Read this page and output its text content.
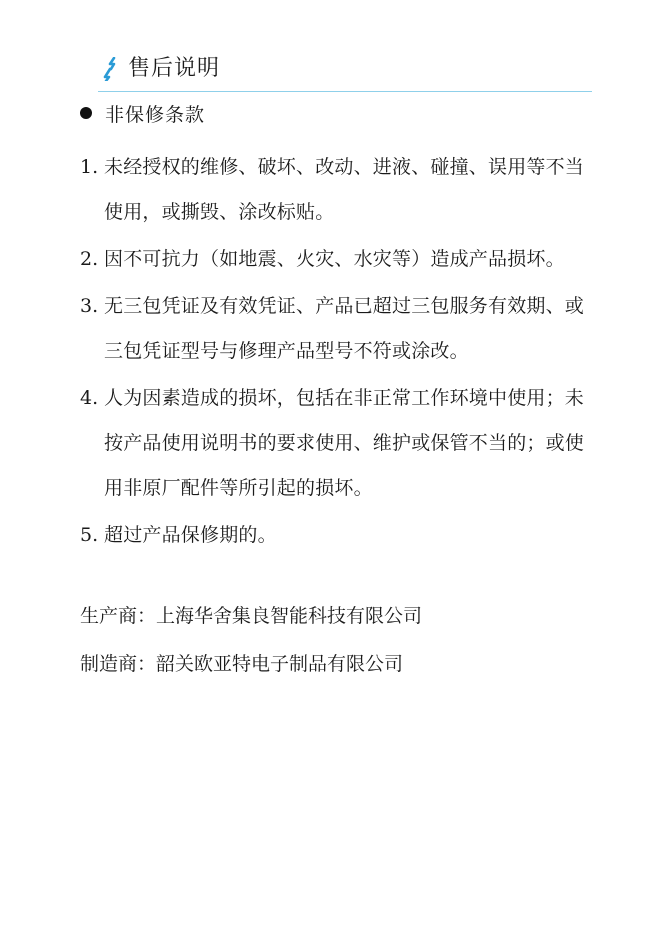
售后说明
非保修条款
1. 未经授权的维修、破坏、改动、进液、碰撞、误用等不当使用，或撕毁、涂改标贴。
2. 因不可抗力（如地震、火灾、水灾等）造成产品损坏。
3. 无三包凭证及有效凭证、产品已超过三包服务有效期、或三包凭证型号与修理产品型号不符或涂改。
4. 人为因素造成的损坏，包括在非正常工作环境中使用；未按产品使用说明书的要求使用、维护或保管不当的；或使用非原厂配件等所引起的损坏。
5. 超过产品保修期的。
生产商：上海华舍集良智能科技有限公司
制造商：韶关欧亚特电子制品有限公司
